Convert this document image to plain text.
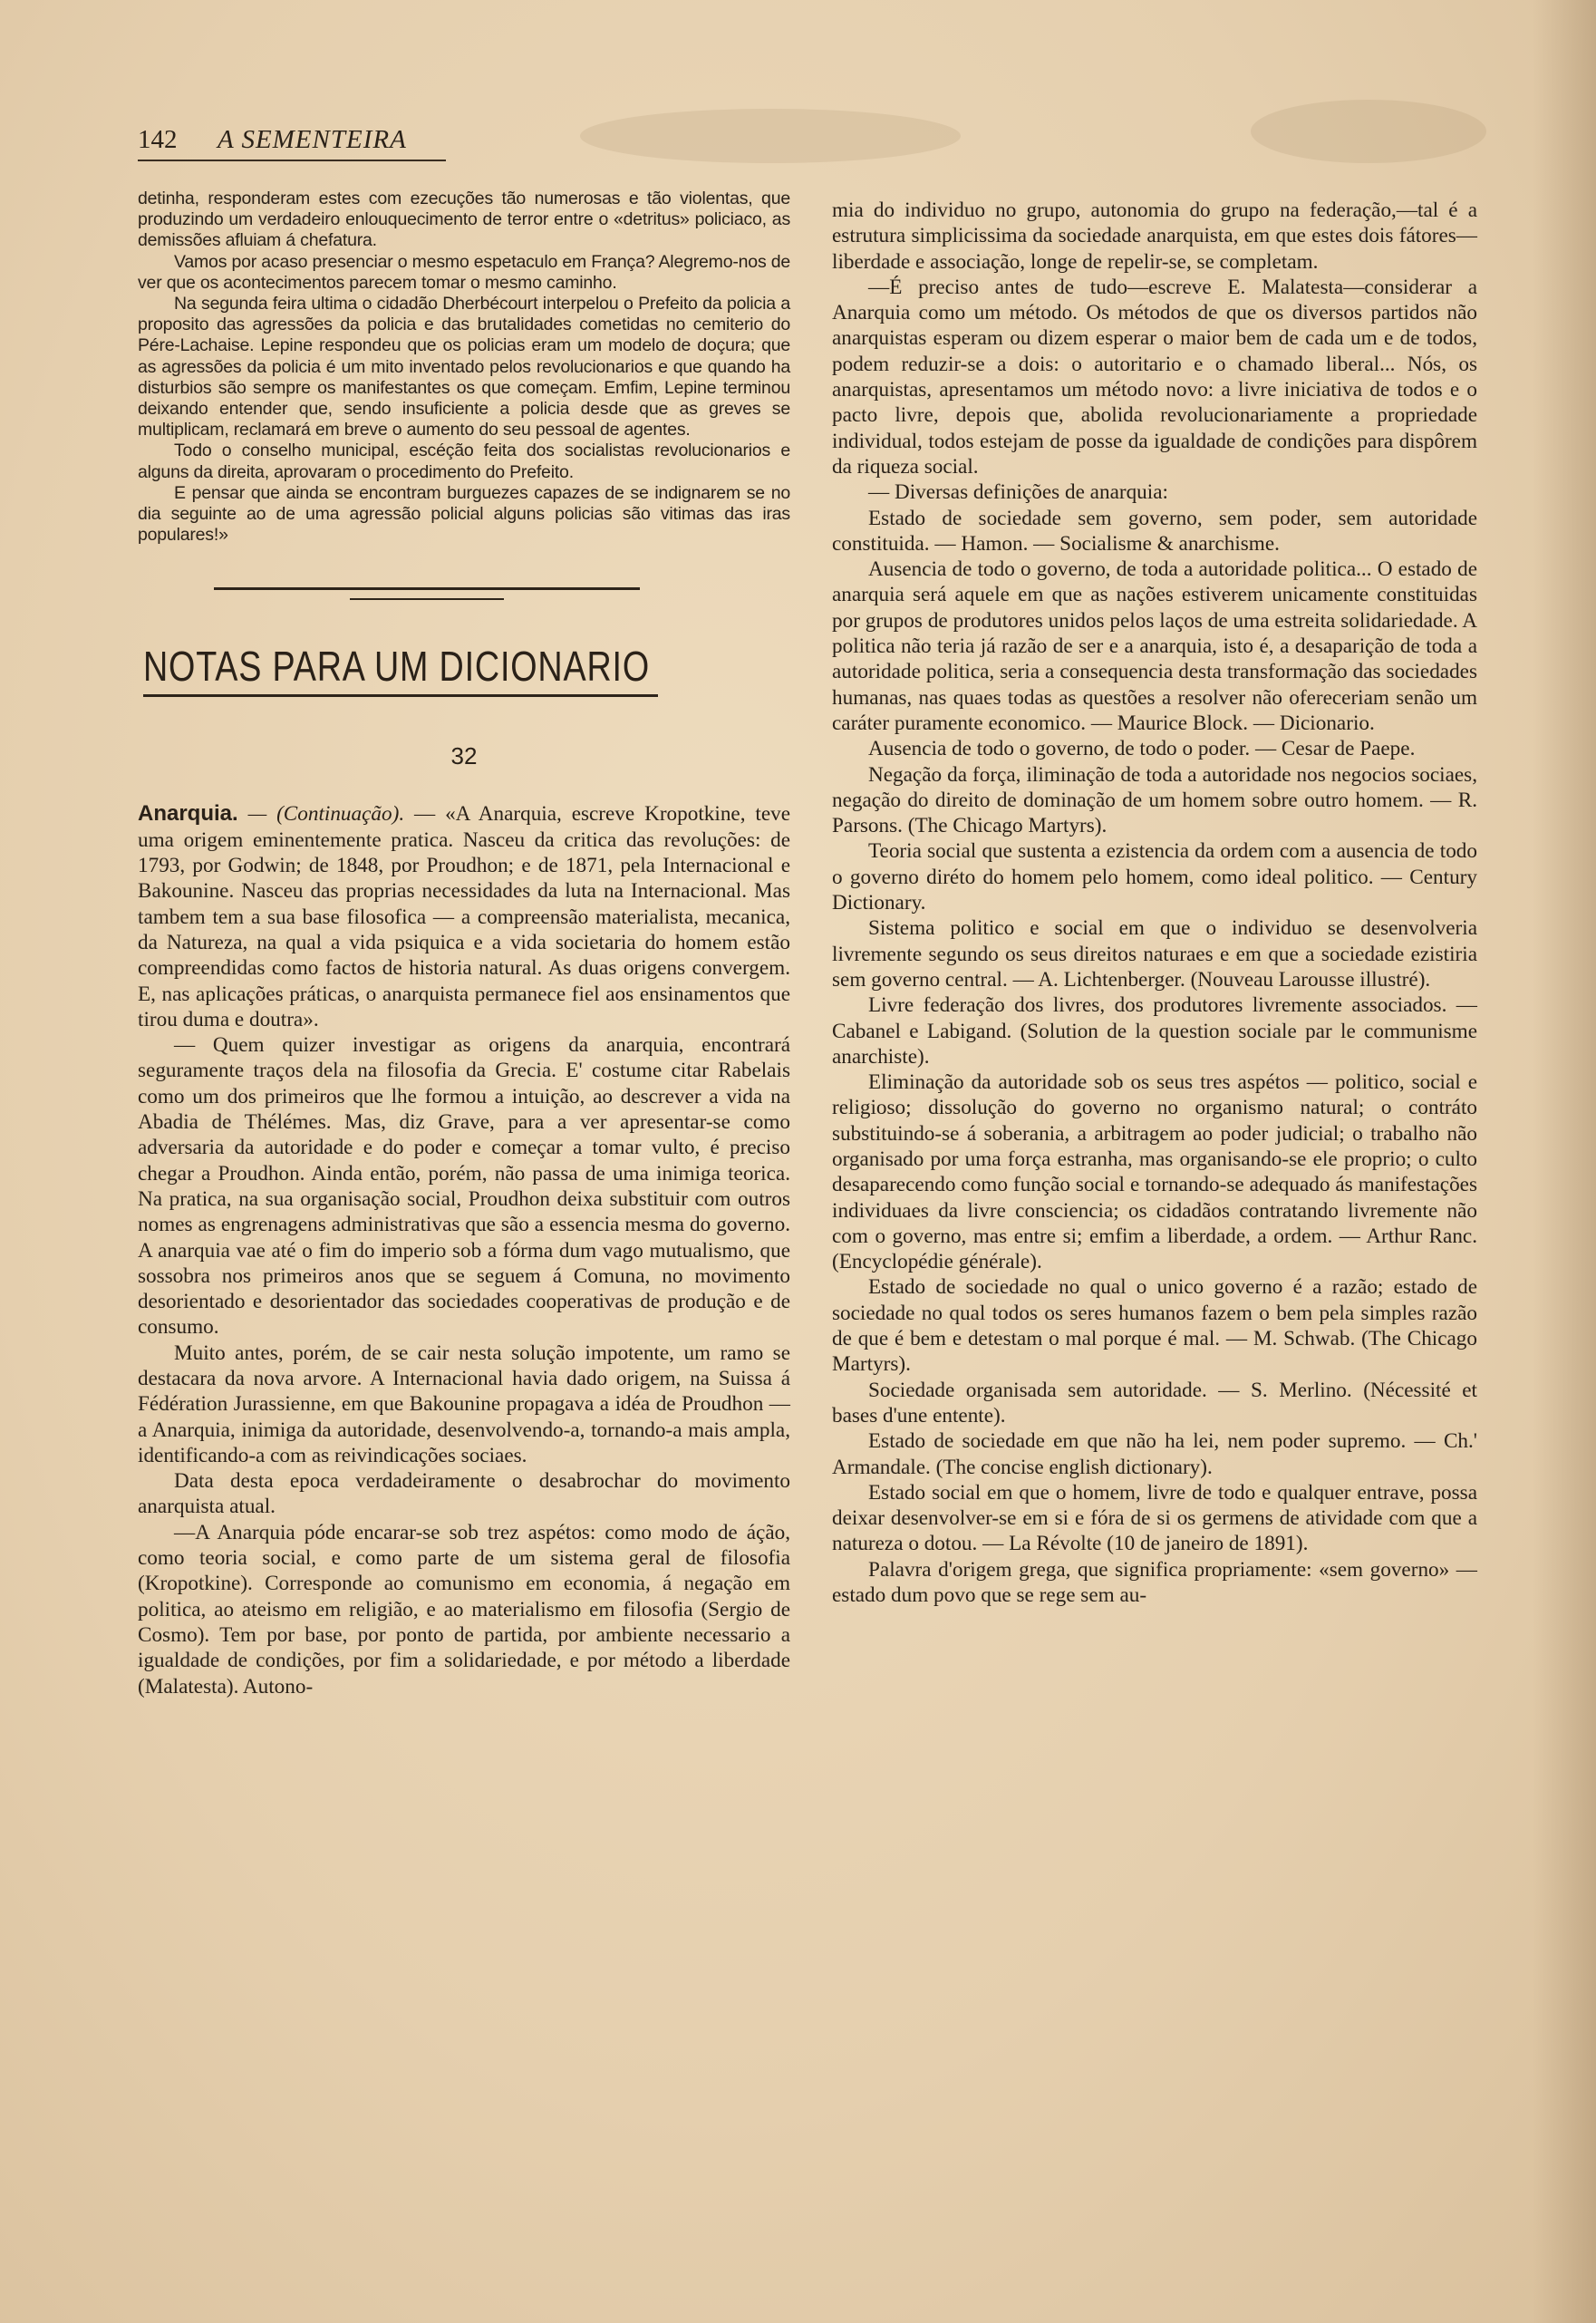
142 A SEMENTEIRA

detinha, responderam estes com ezecuções tão numerosas e tão violentas, que produzindo um verdadeiro enlouquecimento de terror entre o «detritus» policiaco, as demissões afluiam á chefatura.

Vamos por acaso presenciar o mesmo espetaculo em França? Alegremo-nos de ver que os acontecimentos parecem tomar o mesmo caminho.

Na segunda feira ultima o cidadão Dherbécourt interpelou o Prefeito da policia a proposito das agressões da policia e das brutalidades cometidas no cemiterio do Pére-Lachaise. Lepine respondeu que os policias eram um modelo de doçura; que as agressões da policia é um mito inventado pelos revolucionarios e que quando ha disturbios são sempre os manifestantes os que começam. Emfim, Lepine terminou deixando entender que, sendo insuficiente a policia desde que as greves se multiplicam, reclamará em breve o aumento do seu pessoal de agentes.

Todo o conselho municipal, escéção feita dos socialistas revolucionarios e alguns da direita, aprovaram o procedimento do Prefeito.

E pensar que ainda se encontram burguezes capazes de se indignarem se no dia seguinte ao de uma agressão policial alguns policias são vitimas das iras populares!»

NOTAS PARA UM DICIONARIO
32

Anarquia. — (Continuação). — «A Anarquia, escreve Kropotkine, teve uma origem eminentemente pratica. Nasceu da critica das revoluções: de 1793, por Godwin; de 1848, por Proudhon; e de 1871, pela Internacional e Bakounine. Nasceu das proprias necessidades da luta na Internacional. Mas tambem tem a sua base filosofica — a compreensão materialista, mecanica, da Natureza, na qual a vida psiquica e a vida societaria do homem estão compreendidas como factos de historia natural. As duas origens convergem. E, nas aplicações práticas, o anarquista permanece fiel aos ensinamentos que tirou duma e doutra».

— Quem quizer investigar as origens da anarquia, encontrará seguramente traços dela na filosofia da Grecia. E' costume citar Rabelais como um dos primeiros que lhe formou a intuição, ao descrever a vida na Abadia de Thélémes. Mas, diz Grave, para a ver apresentar-se como adversaria da autoridade e do poder e começar a tomar vulto, é preciso chegar a Proudhon. Ainda então, porém, não passa de uma inimiga teorica. Na pratica, na sua organisação social, Proudhon deixa substituir com outros nomes as engrenagens administrativas que são a essencia mesma do governo. A anarquia vae até o fim do imperio sob a fórma dum vago mutualismo, que sossobra nos primeiros anos que se seguem á Comuna, no movimento desorientado e desorientador das sociedades cooperativas de produção e de consumo.

Muito antes, porém, de se cair nesta solução impotente, um ramo se destacara da nova arvore. A Internacional havia dado origem, na Suissa á Fédération Jurassienne, em que Bakounine propagava a idéa de Proudhon — a Anarquia, inimiga da autoridade, desenvolvendo-a, tornando-a mais ampla, identificando-a com as reivindicações sociaes.

Data desta epoca verdadeiramente o desabrochar do movimento anarquista atual.

—A Anarquia póde encarar-se sob trez aspétos: como modo de áção, como teoria social, e como parte de um sistema geral de filosofia (Kropotkine). Corresponde ao comunismo em economia, á negação em politica, ao ateismo em religião, e ao materialismo em filosofia (Sergio de Cosmo). Tem por base, por ponto de partida, por ambiente necessario a igualdade de condições, por fim a solidariedade, e por método a liberdade (Malatesta). Autono-

mia do individuo no grupo, autonomia do grupo na federação,—tal é a estrutura simplicissima da sociedade anarquista, em que estes dois fátores—liberdade e associação, longe de repelir-se, se completam.

—É preciso antes de tudo—escreve E. Malatesta—considerar a Anarquia como um método. Os métodos de que os diversos partidos não anarquistas esperam ou dizem esperar o maior bem de cada um e de todos, podem reduzir-se a dois: o autoritario e o chamado liberal... Nós, os anarquistas, apresentamos um método novo: a livre iniciativa de todos e o pacto livre, depois que, abolida revolucionariamente a propriedade individual, todos estejam de posse da igualdade de condições para dispôrem da riqueza social.

— Diversas definições de anarquia:

Estado de sociedade sem governo, sem poder, sem autoridade constituida. — Hamon. — Socialisme & anarchisme.

Ausencia de todo o governo, de toda a autoridade politica... O estado de anarquia será aquele em que as nações estiverem unicamente constituidas por grupos de produtores unidos pelos laços de uma estreita solidariedade. A politica não teria já razão de ser e a anarquia, isto é, a desaparição de toda a autoridade politica, seria a consequencia desta transformação das sociedades humanas, nas quaes todas as questões a resolver não ofereceriam senão um caráter puramente economico. — Maurice Block. — Dicionario.

Ausencia de todo o governo, de todo o poder. — Cesar de Paepe.

Negação da força, iliminação de toda a autoridade nos negocios sociaes, negação do direito de dominação de um homem sobre outro homem. — R. Parsons. (The Chicago Martyrs).

Teoria social que sustenta a ezistencia da ordem com a ausencia de todo o governo diréto do homem pelo homem, como ideal politico. — Century Dictionary.

Sistema politico e social em que o individuo se desenvolveria livremente segundo os seus direitos naturaes e em que a sociedade ezistiria sem governo central. — A. Lichtenberger. (Nouveau Larousse illustré).

Livre federação dos livres, dos produtores livremente associados. — Cabanel e Labigand. (Solution de la question sociale par le communisme anarchiste).

Eliminação da autoridade sob os seus tres aspétos — politico, social e religioso; dissolução do governo no organismo natural; o contráto substituindo-se á soberania, a arbitragem ao poder judicial; o trabalho não organisado por uma força estranha, mas organisando-se ele proprio; o culto desaparecendo como função social e tornando-se adequado ás manifestações individuaes da livre consciencia; os cidadãos contratando livremente não com o governo, mas entre si; emfim a liberdade, a ordem. — Arthur Ranc. (Encyclopédie générale).

Estado de sociedade no qual o unico governo é a razão; estado de sociedade no qual todos os seres humanos fazem o bem pela simples razão de que é bem e detestam o mal porque é mal. — M. Schwab. (The Chicago Martyrs).

Sociedade organisada sem autoridade. — S. Merlino. (Nécessité et bases d'une entente).

Estado de sociedade em que não ha lei, nem poder supremo. — Ch.' Armandale. (The concise english dictionary).

Estado social em que o homem, livre de todo e qualquer entrave, possa deixar desenvolver-se em si e fóra de si os germens de atividade com que a natureza o dotou. — La Révolte (10 de janeiro de 1891).

Palavra d'origem grega, que significa propriamente: «sem governo» — estado dum povo que se rege sem au-
